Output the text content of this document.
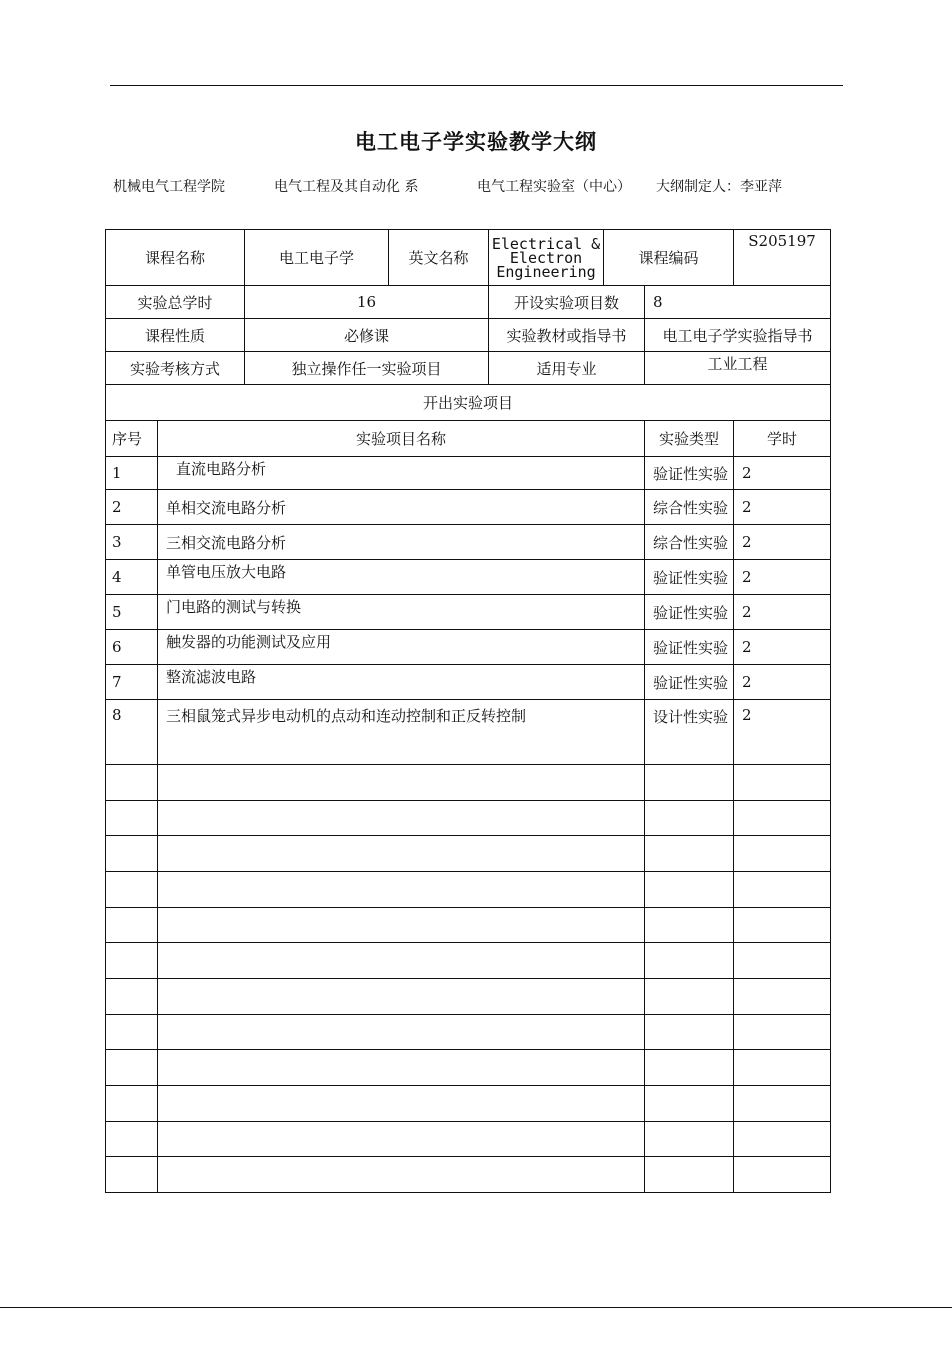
电工电子学实验教学大纲
机械电气工程学院	电气工程及其自动化 系	电气工程实验室（中心） 大纲制定人：李亚萍
课程名称		电工电子学	英文名称	Electrical & Electron Engineering	课程编码		S205197
实验总学时		16		开设实验项目数		8	
课程性质		必修课		实验教材或指导书		电工电子学实验指导书	
实验考核方式		独立操作任一实验项目		适用专业		工业工程	
开出实验项目							
序号	实验项目名称					实验类型	学时
1	直流电路分析					验证性实验	2
2	单相交流电路分析					综合性实验	2
3	三相交流电路分析					综合性实验	2
4	单管电压放大电路					验证性实验	2
5	门电路的测试与转换					验证性实验	2
6	触发器的功能测试及应用					验证性实验	2
7	整流滤波电路					验证性实验	2
8	三相鼠笼式异步电动机的点动和连动控制和正反转控制					设计性实验	2
